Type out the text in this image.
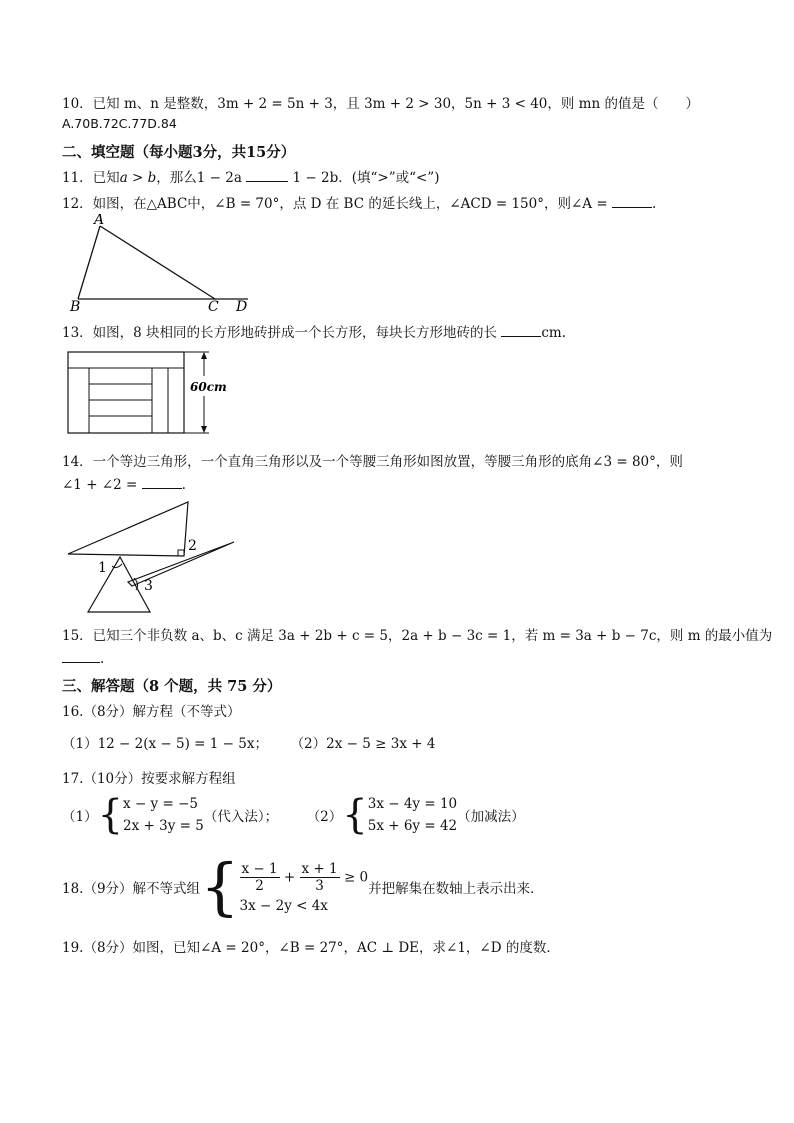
10．已知 m、n 是整数，3m + 2 = 5n + 3，且 3m + 2 > 30，5n + 3 < 40，则 mn 的值是（　　）
A.70B.72C.77D.84
二、填空题（每小题3分，共15分）
11．已知a > b，那么1 − 2a	1 − 2b．(填“>”或“<”)
12．如图，在△ABC中，∠B = 70°，点 D 在 BC 的延长线上，∠ACD = 150°，则∠A =	.
A
B	C D
13．如图，8 块相同的长方形地砖拼成一个长方形，每块长方形地砖的长	cm.
60cm
14．一个等边三角形，一个直角三角形以及一个等腰三角形如图放置，等腰三角形的底角∠3 = 80°，则
∠1 + ∠2 =	.
1
2
3
15．已知三个非负数 a、b、c 满足 3a + 2b + c = 5，2a + b − 3c = 1，若 m = 3a + b − 7c，则 m 的最小值为
.
三、解答题（8 个题，共 75 分）
16.（8分）解方程（不等式）
（1）12 − 2(x − 5) = 1 − 5x； （2）2x − 5 ≥ 3x + 4
17.（10分）按要求解方程组
（1）{ x − y = −5
2x + 3y = 5
（代入法）； （2）{ 3x − 4y = 10
5x + 6y = 42
（加减法）
18.（9分）解不等式组{ $\frac{x - 1}{2} + \frac{x + 1}{3} \ge 0$
3x − 2y < 4x
并把解集在数轴上表示出来．
19.（8分）如图，已知∠A = 20°，∠B = 27°，AC ⊥ DE，求∠1，∠D 的度数．
